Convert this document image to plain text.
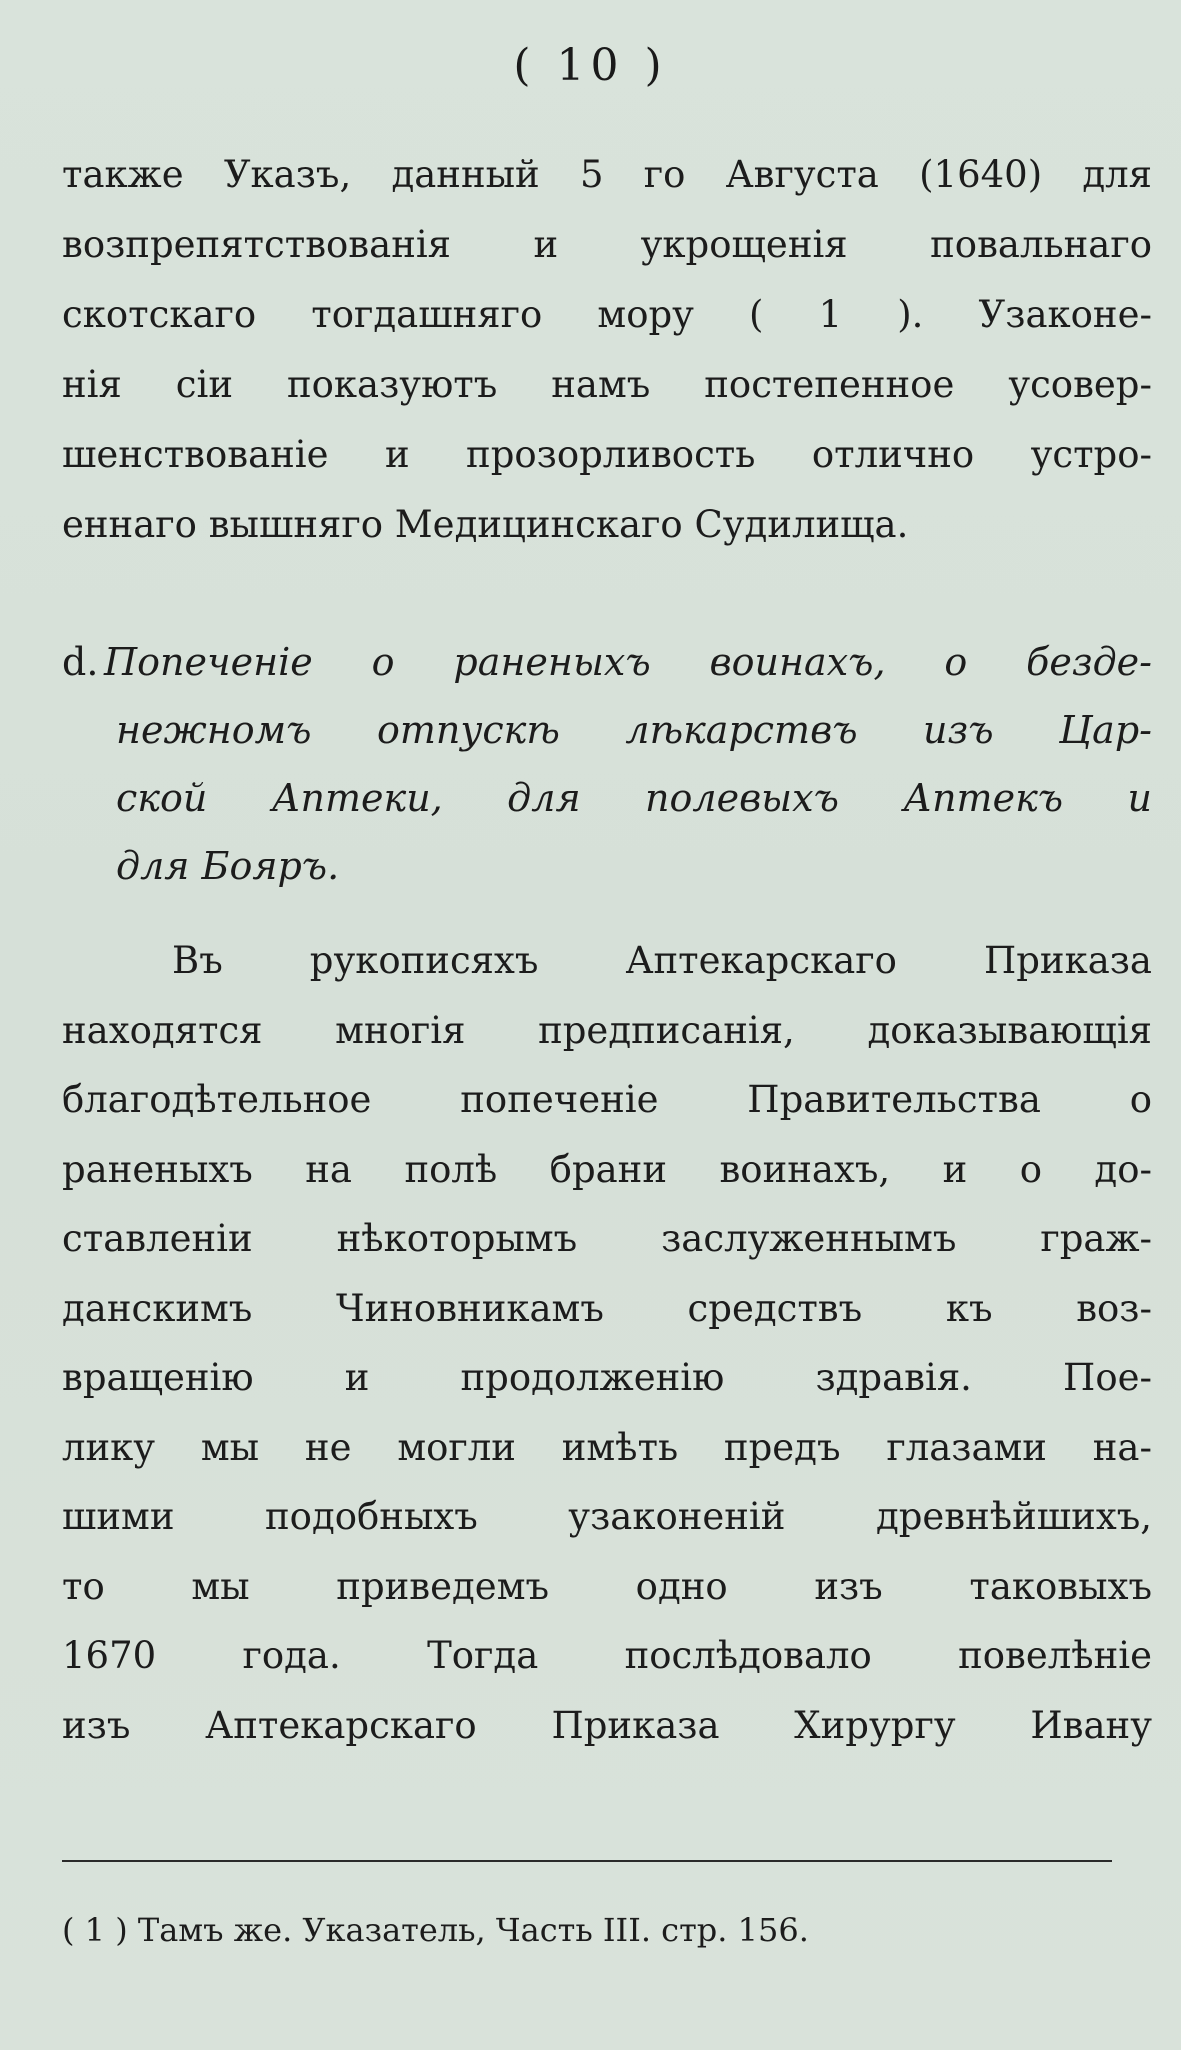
( 10 )
также Указъ, данный 5 го Августа (1640) для
возпрепятствованія и укрощенія повальнаго
скотскаго тогдашняго мору ( 1 ). Узаконе-
нія сіи показуютъ намъ постепенное усовер-
шенствованіе и прозорливость отлично устро-
еннаго вышняго Медицинскаго Судилища.
d. Попеченіе о раненыхъ воинахъ, о безде-
нежномъ отпускѣ лѣкарствъ изъ Цар-
ской Аптеки, для полевыхъ Аптекъ и
для Бояръ.
Въ рукописяхъ Аптекарскаго Приказа
находятся многія предписанія, доказывающія
благодѣтельное попеченіе Правительства о
раненыхъ на полѣ брани воинахъ, и о до-
ставленіи нѣкоторымъ заслуженнымъ граж-
данскимъ Чиновникамъ средствъ къ воз-
вращенію и продолженію здравія. Пое-
лику мы не могли имѣть предъ глазами на-
шими подобныхъ узаконеній древнѣйшихъ,
то мы приведемъ одно изъ таковыхъ
1670 года. Тогда послѣдовало повелѣніе
изъ Аптекарскаго Приказа Хирургу Ивану
( 1 ) Тамъ же. Указатель, Часть III. стр. 156.
